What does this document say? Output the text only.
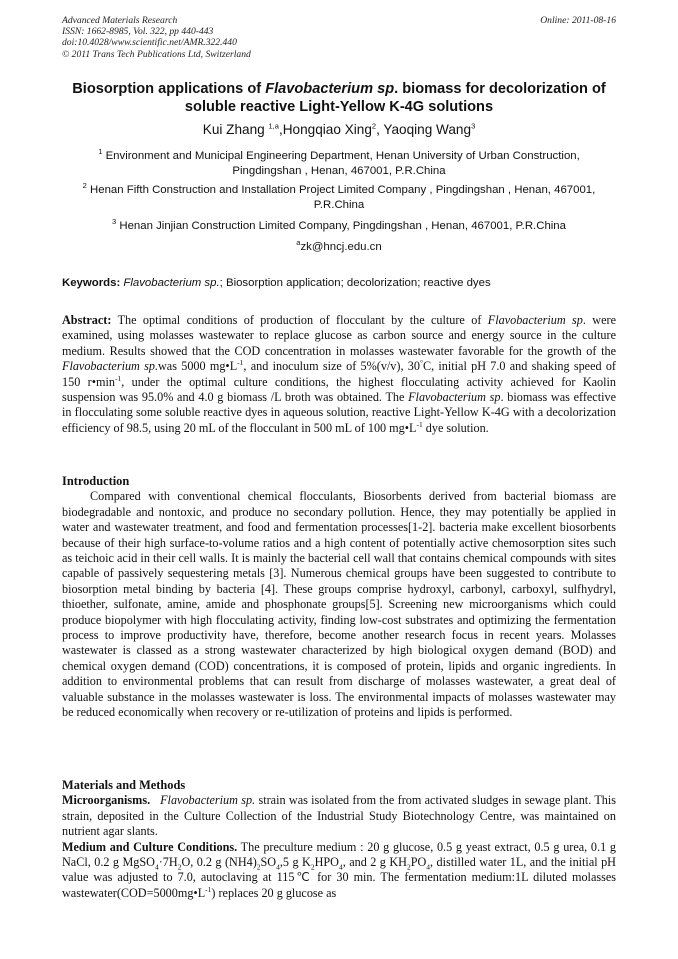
Advanced Materials Research
ISSN: 1662-8985, Vol. 322, pp 440-443
doi:10.4028/www.scientific.net/AMR.322.440
© 2011 Trans Tech Publications Ltd, Switzerland
Online: 2011-08-16
Biosorption applications of Flavobacterium sp. biomass for decolorization of soluble reactive Light-Yellow K-4G solutions
Kui Zhang $^{1,a}$,Hongqiao Xing$^2$, Yaoqing Wang$^3$
$^1$ Environment and Municipal Engineering Department, Henan University of Urban Construction, Pingdingshan , Henan, 467001, P.R.China
$^2$ Henan Fifth Construction and Installation Project Limited Company , Pingdingshan , Henan, 467001, P.R.China
$^3$ Henan Jinjian Construction Limited Company, Pingdingshan , Henan, 467001, P.R.China
$^a$zk@hncj.edu.cn
Keywords: Flavobacterium sp.; Biosorption application; decolorization; reactive dyes
Abstract: The optimal conditions of production of flocculant by the culture of Flavobacterium sp. were examined, using molasses wastewater to replace glucose as carbon source and energy source in the culture medium. Results showed that the COD concentration in molasses wastewater favorable for the growth of the Flavobacterium sp.was 5000 $mg•L^{-1}$, and inoculum size of 5%(v/v), 30°C, initial pH 7.0 and shaking speed of 150 $r•\min^{-1}$, under the optimal culture conditions, the highest flocculating activity achieved for Kaolin suspension was 95.0% and 4.0 g biomass /L broth was obtained. The Flavobacterium sp. biomass was effective in flocculating some soluble reactive dyes in aqueous solution, reactive Light-Yellow K-4G with a decolorization efficiency of 98.5, using 20 mL of the flocculant in 500 mL of 100 $mg•L^{-1}$ dye solution.
Introduction
Compared with conventional chemical flocculants, Biosorbents derived from bacterial biomass are biodegradable and nontoxic, and produce no secondary pollution. Hence, they may potentially be applied in water and wastewater treatment, and food and fermentation processes[1-2]. bacteria make excellent biosorbents because of their high surface-to-volume ratios and a high content of potentially active chemosorption sites such as teichoic acid in their cell walls. It is mainly the bacterial cell wall that contains chemical compounds with sites capable of passively sequestering metals [3]. Numerous chemical groups have been suggested to contribute to biosorption metal binding by bacteria [4]. These groups comprise hydroxyl, carbonyl, carboxyl, sulfhydryl, thioether, sulfonate, amine, amide and phosphonate groups[5]. Screening new microorganisms which could produce biopolymer with high flocculating activity, finding low-cost substrates and optimizing the fermentation process to improve productivity have, therefore, become another research focus in recent years. Molasses wastewater is classed as a strong wastewater characterized by high biological oxygen demand (BOD) and chemical oxygen demand (COD) concentrations, it is composed of protein, lipids and organic ingredients. In addition to environmental problems that can result from discharge of molasses wastewater, a great deal of valuable substance in the molasses wastewater is loss. The environmental impacts of molasses wastewater may be reduced economically when recovery or re-utilization of proteins and lipids is performed.
Materials and Methods
Microorganisms. Flavobacterium sp. strain was isolated from the from activated sludges in sewage plant. This strain, deposited in the Culture Collection of the Industrial Study Biotechnology Centre, was maintained on nutrient agar slants.
Medium and Culture Conditions. The preculture medium : 20 g glucose, 0.5 g yeast extract, 0.5 g urea, 0.1 g NaCl, 0.2 g $MgSO_4\cdot 7H_2O$, 0.2 g $(NH4)_2SO_4,5$ g $K_2HPO_4$, and 2 g $KH_2PO_4$, distilled water 1L, and the initial pH value was adjusted to 7.0, autoclaving at 115℃ for 30 min. The fermentation medium:1L diluted molasses $wastewater(COD=5000mg•L^{-1})$ replaces 20 g glucose as
